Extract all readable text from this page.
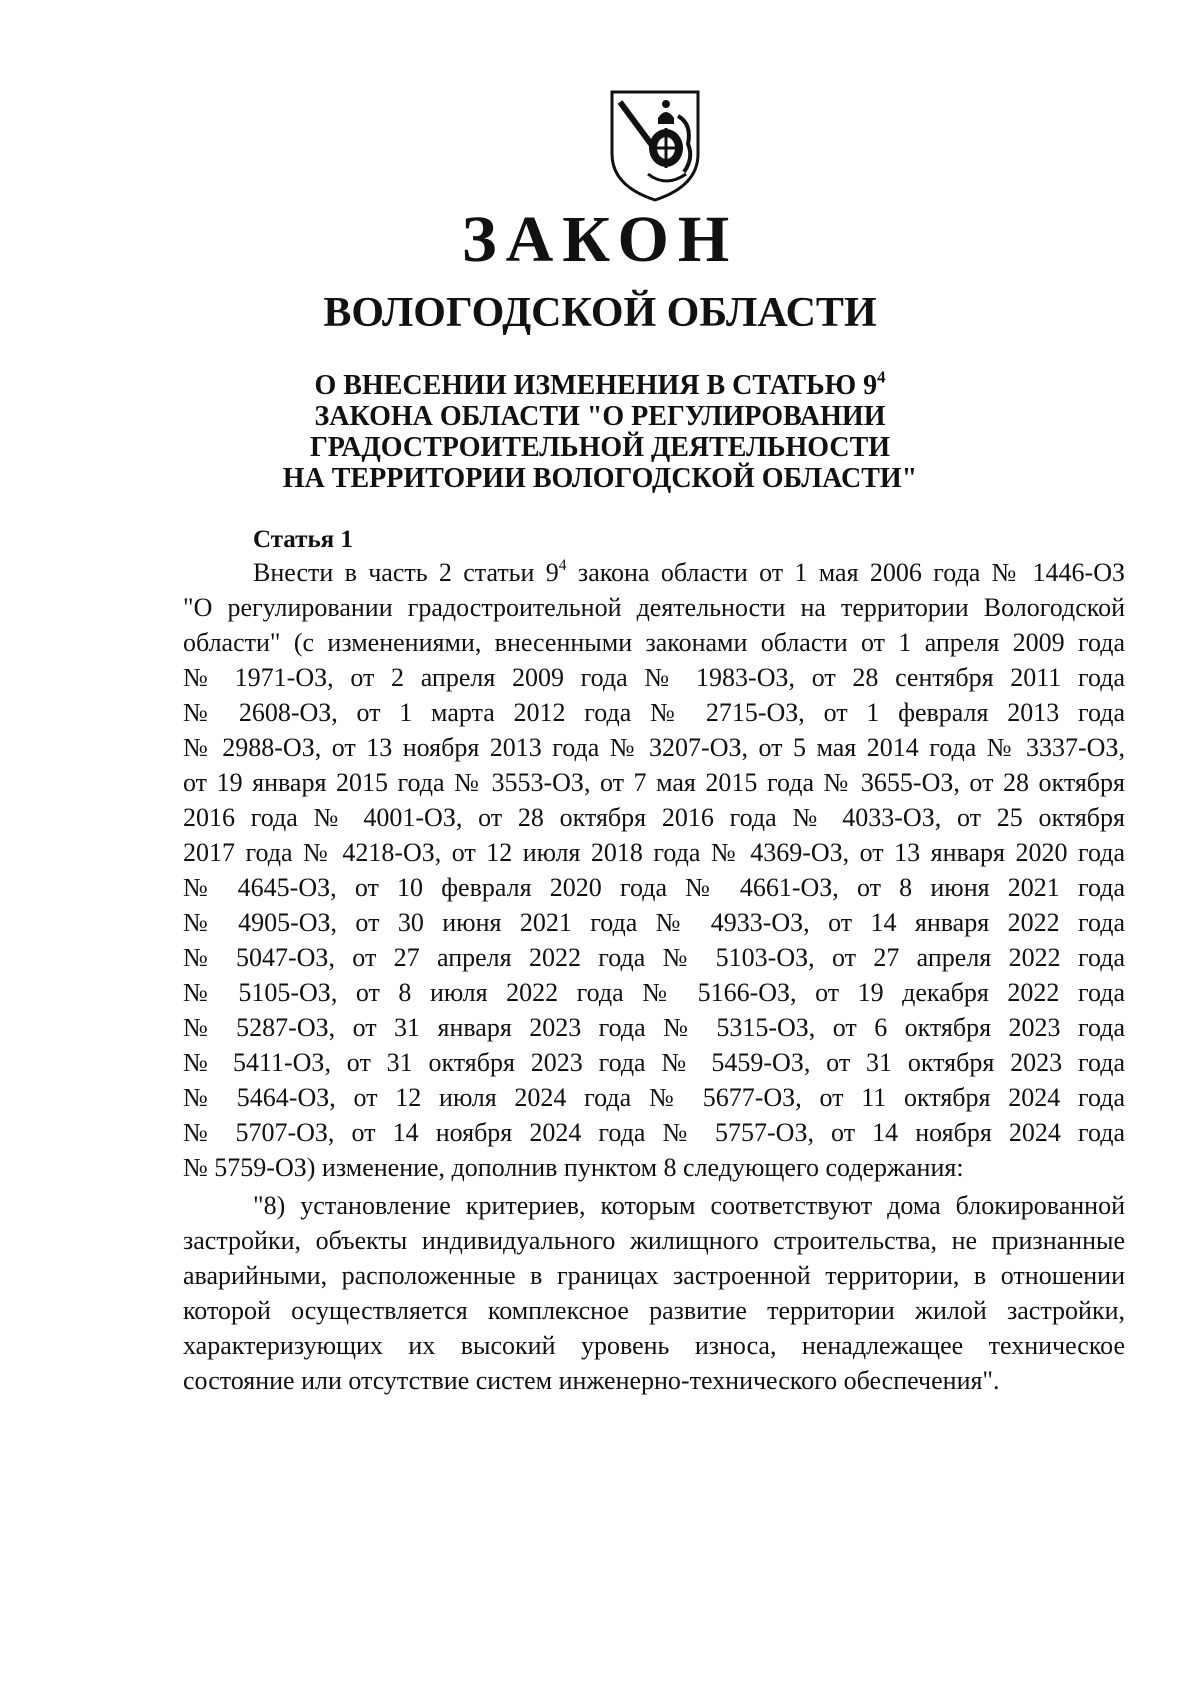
ЗАКОН
ВОЛОГОДСКОЙ ОБЛАСТИ
О ВНЕСЕНИИ ИЗМЕНЕНИЯ В СТАТЬЮ $9^4$
ЗАКОНА ОБЛАСТИ "О РЕГУЛИРОВАНИИ
ГРАДОСТРОИТЕЛЬНОЙ ДЕЯТЕЛЬНОСТИ
НА ТЕРРИТОРИИ ВОЛОГОДСКОЙ ОБЛАСТИ"
Статья 1
Внести в часть 2 статьи $9^4$ закона области от 1 мая 2006 года № 1446-ОЗ
"О регулировании градостроительной деятельности на территории Вологодской
области" (с изменениями, внесенными законами области от 1 апреля 2009 года
№ 1971-ОЗ, от 2 апреля 2009 года № 1983-ОЗ, от 28 сентября 2011 года
№ 2608-ОЗ, от 1 марта 2012 года № 2715-ОЗ, от 1 февраля 2013 года
№ 2988-ОЗ, от 13 ноября 2013 года № 3207-ОЗ, от 5 мая 2014 года № 3337-ОЗ,
от 19 января 2015 года № 3553-ОЗ, от 7 мая 2015 года № 3655-ОЗ, от 28 октября
2016 года № 4001-ОЗ, от 28 октября 2016 года № 4033-ОЗ, от 25 октября
2017 года № 4218-ОЗ, от 12 июля 2018 года № 4369-ОЗ, от 13 января 2020 года
№ 4645-ОЗ, от 10 февраля 2020 года № 4661-ОЗ, от 8 июня 2021 года
№ 4905-ОЗ, от 30 июня 2021 года № 4933-ОЗ, от 14 января 2022 года
№ 5047-ОЗ, от 27 апреля 2022 года № 5103-ОЗ, от 27 апреля 2022 года
№ 5105-ОЗ, от 8 июля 2022 года № 5166-ОЗ, от 19 декабря 2022 года
№ 5287-ОЗ, от 31 января 2023 года № 5315-ОЗ, от 6 октября 2023 года
№ 5411-ОЗ, от 31 октября 2023 года № 5459-ОЗ, от 31 октября 2023 года
№ 5464-ОЗ, от 12 июля 2024 года № 5677-ОЗ, от 11 октября 2024 года
№ 5707-ОЗ, от 14 ноября 2024 года № 5757-ОЗ, от 14 ноября 2024 года
№ 5759-ОЗ) изменение, дополнив пунктом 8 следующего содержания:
"8) установление критериев, которым соответствуют дома блокированной
застройки, объекты индивидуального жилищного строительства, не признанные
аварийными, расположенные в границах застроенной территории, в отношении
которой осуществляется комплексное развитие территории жилой застройки,
характеризующих их высокий уровень износа, ненадлежащее техническое
состояние или отсутствие систем инженерно-технического обеспечения".
